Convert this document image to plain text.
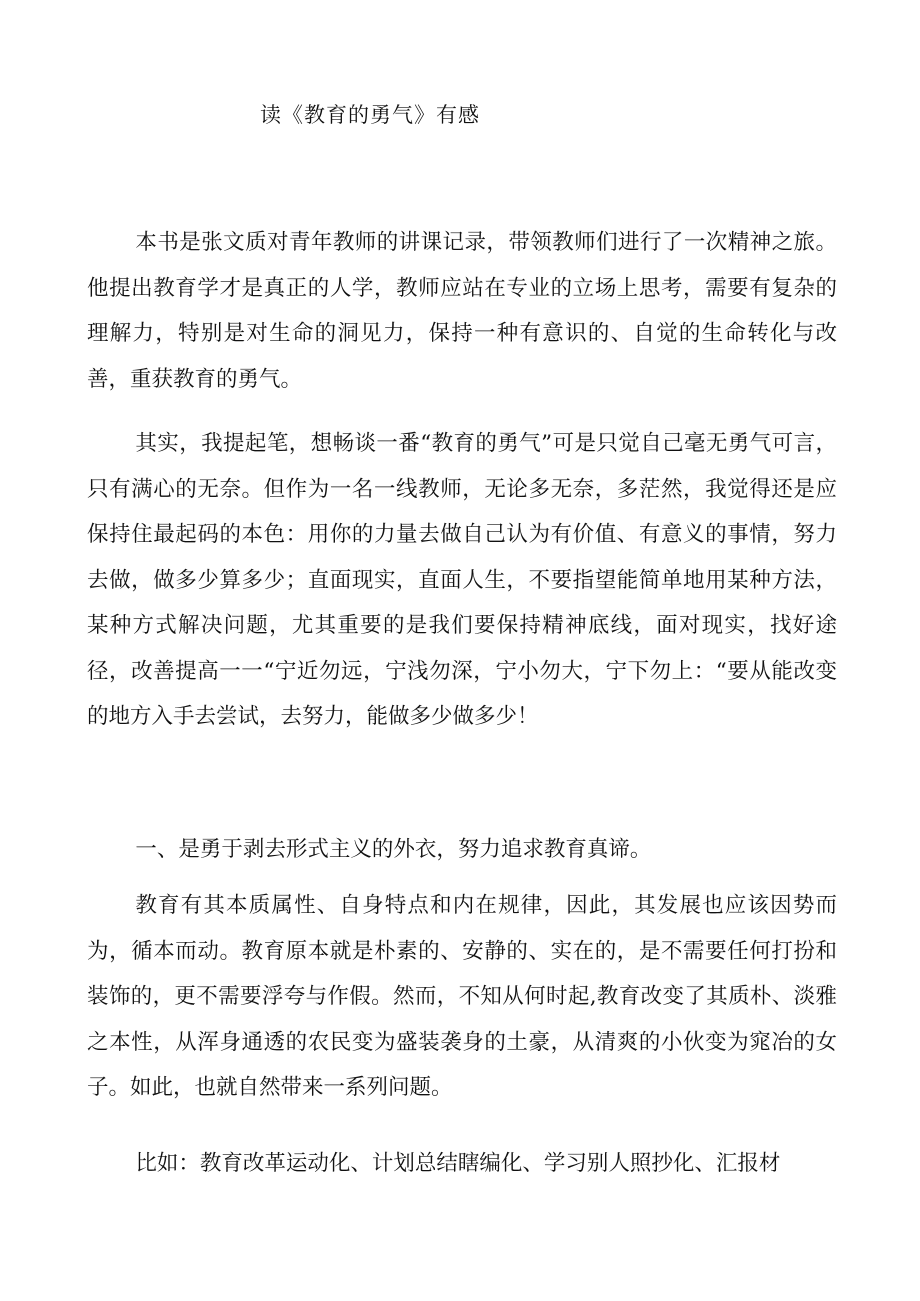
读《教育的勇气》有感

本书是张文质对青年教师的讲课记录，带领教师们进行了一次精神之旅。他提出教育学才是真正的人学，教师应站在专业的立场上思考，需要有复杂的理解力，特别是对生命的洞见力，保持一种有意识的、自觉的生命转化与改善，重获教育的勇气。

其实，我提起笔，想畅谈一番“教育的勇气”可是只觉自己毫无勇气可言，只有满心的无奈。但作为一名一线教师，无论多无奈，多茫然，我觉得还是应保持住最起码的本色：用你的力量去做自己认为有价值、有意义的事情，努力去做，做多少算多少；直面现实，直面人生，不要指望能简单地用某种方法，某种方式解决问题，尤其重要的是我们要保持精神底线，面对现实，找好途径，改善提高一一“宁近勿远，宁浅勿深，宁小勿大，宁下勿上：“要从能改变的地方入手去尝试，去努力，能做多少做多少！

一、是勇于剥去形式主义的外衣，努力追求教育真谛。

教育有其本质属性、自身特点和内在规律，因此，其发展也应该因势而为，循本而动。教育原本就是朴素的、安静的、实在的，是不需要任何打扮和装饰的，更不需要浮夸与作假。然而，不知从何时起,教育改变了其质朴、淡雅之本性，从浑身通透的农民变为盛装袭身的土豪，从清爽的小伙变为窕冶的女子。如此，也就自然带来一系列问题。

比如：教育改革运动化、计划总结瞎编化、学习别人照抄化、汇报材
